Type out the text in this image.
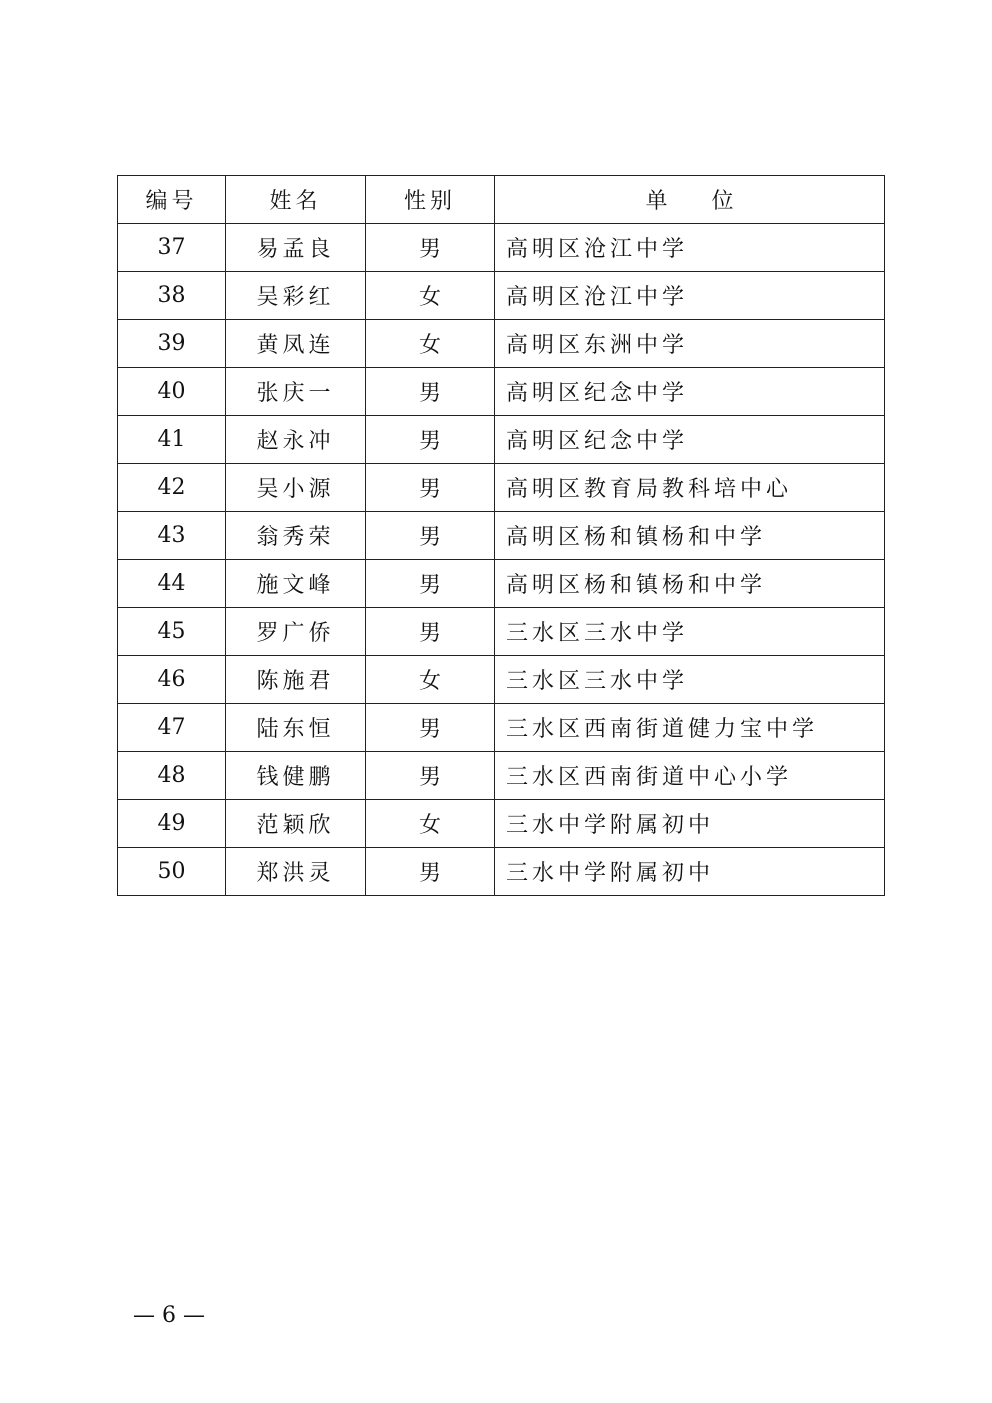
编号	姓名	性别	单　　位
37	易孟良	男	高明区沧江中学
38	吴彩红	女	高明区沧江中学
39	黄凤连	女	高明区东洲中学
40	张庆一	男	高明区纪念中学
41	赵永冲	男	高明区纪念中学
42	吴小源	男	高明区教育局教科培中心
43	翁秀荣	男	高明区杨和镇杨和中学
44	施文峰	男	高明区杨和镇杨和中学
45	罗广侨	男	三水区三水中学
46	陈施君	女	三水区三水中学
47	陆东恒	男	三水区西南街道健力宝中学
48	钱健鹏	男	三水区西南街道中心小学
49	范颖欣	女	三水中学附属初中
50	郑洪灵	男	三水中学附属初中
— 6 —
